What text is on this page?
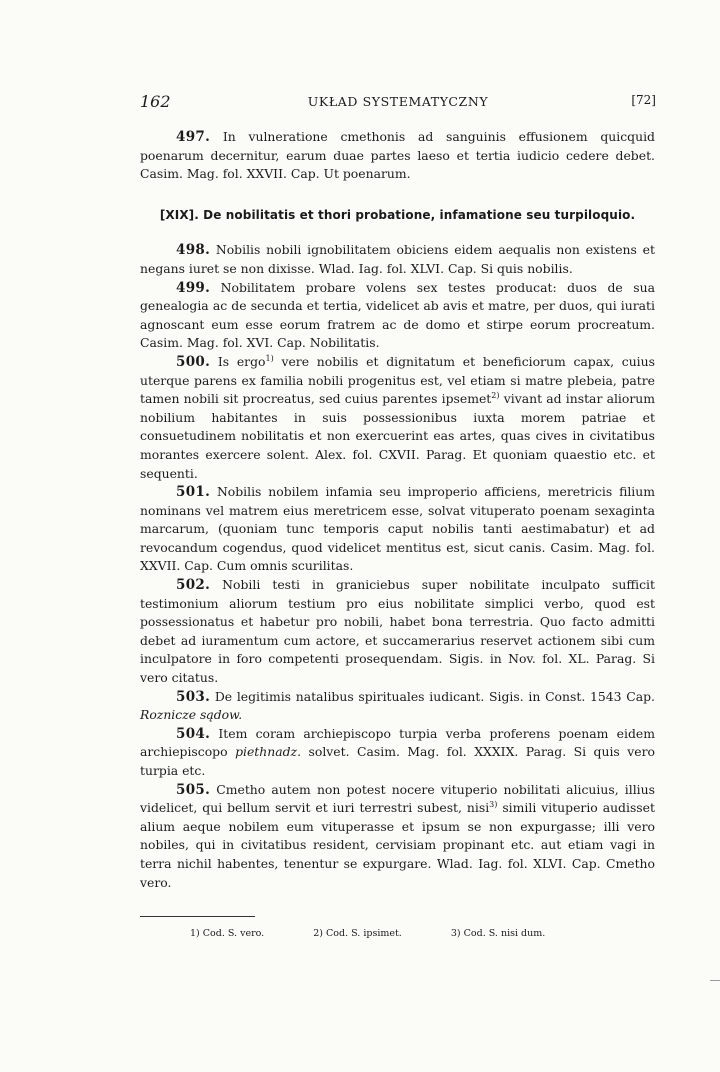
162	UKŁAD SYSTEMATYCZNY	[72]

497. In vulneratione cmethonis ad sanguinis effusionem quicquid poenarum decernitur, earum duae partes laeso et tertia iudicio cedere debet. Casim. Mag. fol. XXVII. Cap. Ut poenarum.

[XIX]. De nobilitatis et thori probatione, infamatione seu turpiloquio.

498. Nobilis nobili ignobilitatem obiciens eidem aequalis non existens et negans iuret se non dixisse. Wlad. Iag. fol. XLVI. Cap. Si quis nobilis.

499. Nobilitatem probare volens sex testes producat: duos de sua genealogia ac de secunda et tertia, videlicet ab avis et matre, per duos, qui iurati agnoscant eum esse eorum fratrem ac de domo et stirpe eorum procreatum. Casim. Mag. fol. XVI. Cap. Nobilitatis.

500. Is ergo$^{1)}$ vere nobilis et dignitatum et beneficiorum capax, cuius uterque parens ex familia nobili progenitus est, vel etiam si matre plebeia, patre tamen nobili sit procreatus, sed cuius parentes ipsemet$^{2)}$ vivant ad instar aliorum nobilium habitantes in suis possessionibus iuxta morem patriae et consuetudinem nobilitatis et non exercuerint eas artes, quas cives in civitatibus morantes exercere solent. Alex. fol. CXVII. Parag. Et quoniam quaestio etc. et sequenti.

501. Nobilis nobilem infamia seu improperio afficiens, meretricis filium nominans vel matrem eius meretricem esse, solvat vituperato poenam sexaginta marcarum, (quoniam tunc temporis caput nobilis tanti aestimabatur) et ad revocandum cogendus, quod videlicet mentitus est, sicut canis. Casim. Mag. fol. XXVII. Cap. Cum omnis scurilitas.

502. Nobili testi in graniciebus super nobilitate inculpato sufficit testimonium aliorum testium pro eius nobilitate simplici verbo, quod est possessionatus et habetur pro nobili, habet bona terrestria. Quo facto admitti debet ad iuramentum cum actore, et succamerarius reservet actionem sibi cum inculpatore in foro competenti prosequendam. Sigis. in Nov. fol. XL. Parag. Si vero citatus.

503. De legitimis natalibus spirituales iudicant. Sigis. in Const. 1543 Cap. Roznicze sądow.

504. Item coram archiepiscopo turpia verba proferens poenam eidem archiepiscopo piethnadz. solvet. Casim. Mag. fol. XXXIX. Parag. Si quis vero turpia etc.

505. Cmetho autem non potest nocere vituperio nobilitati alicuius, illius videlicet, qui bellum servit et iuri terrestri subest, nisi$^{3)}$ simili vituperio audisset alium aeque nobilem eum vituperasse et ipsum se non expurgasse; illi vero nobiles, qui in civitatibus resident, cervisiam propinant etc. aut etiam vagi in terra nichil habentes, tenentur se expurgare. Wlad. Iag. fol. XLVI. Cap. Cmetho vero.

1) Cod. S. vero.	2) Cod. S. ipsimet.	3) Cod. S. nisi dum.
